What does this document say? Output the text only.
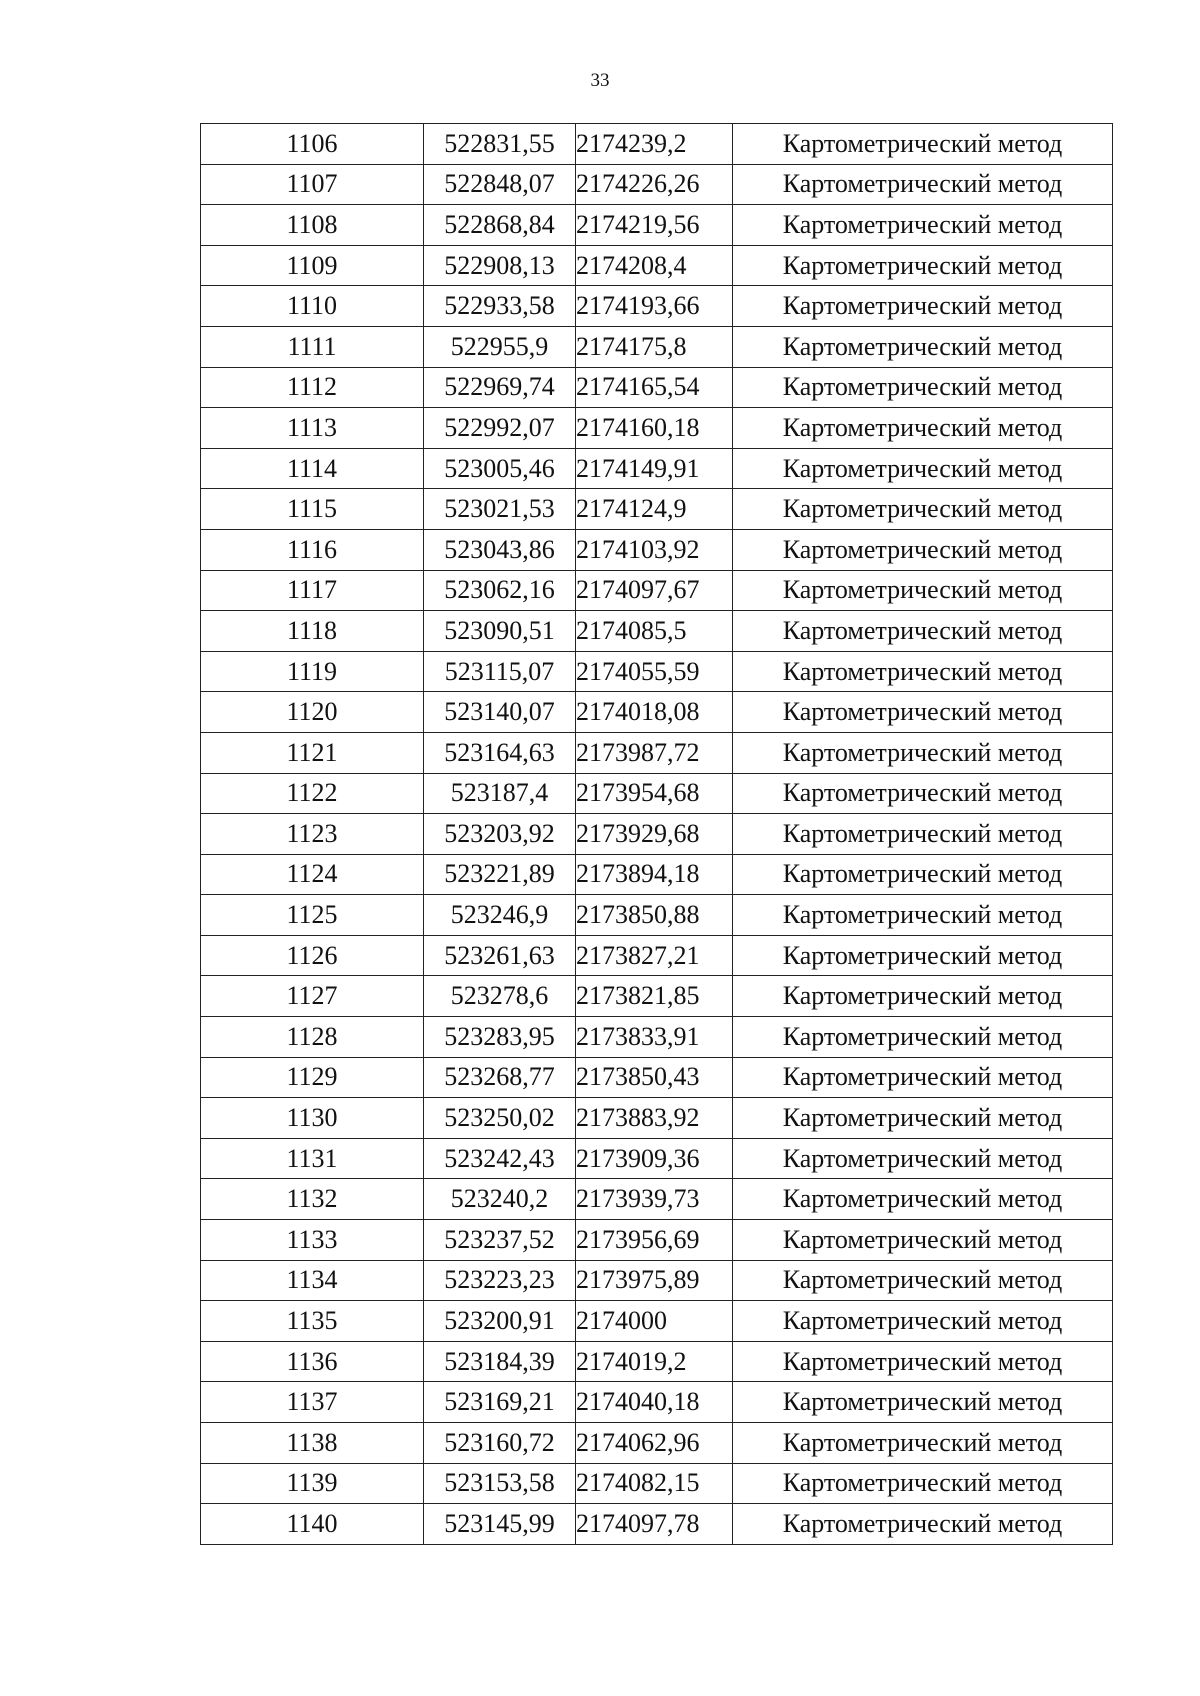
33
1106	522831,55	2174239,2	Картометрический метод
1107	522848,07	2174226,26	Картометрический метод
1108	522868,84	2174219,56	Картометрический метод
1109	522908,13	2174208,4	Картометрический метод
1110	522933,58	2174193,66	Картометрический метод
1111	522955,9	2174175,8	Картометрический метод
1112	522969,74	2174165,54	Картометрический метод
1113	522992,07	2174160,18	Картометрический метод
1114	523005,46	2174149,91	Картометрический метод
1115	523021,53	2174124,9	Картометрический метод
1116	523043,86	2174103,92	Картометрический метод
1117	523062,16	2174097,67	Картометрический метод
1118	523090,51	2174085,5	Картометрический метод
1119	523115,07	2174055,59	Картометрический метод
1120	523140,07	2174018,08	Картометрический метод
1121	523164,63	2173987,72	Картометрический метод
1122	523187,4	2173954,68	Картометрический метод
1123	523203,92	2173929,68	Картометрический метод
1124	523221,89	2173894,18	Картометрический метод
1125	523246,9	2173850,88	Картометрический метод
1126	523261,63	2173827,21	Картометрический метод
1127	523278,6	2173821,85	Картометрический метод
1128	523283,95	2173833,91	Картометрический метод
1129	523268,77	2173850,43	Картометрический метод
1130	523250,02	2173883,92	Картометрический метод
1131	523242,43	2173909,36	Картометрический метод
1132	523240,2	2173939,73	Картометрический метод
1133	523237,52	2173956,69	Картометрический метод
1134	523223,23	2173975,89	Картометрический метод
1135	523200,91	2174000	Картометрический метод
1136	523184,39	2174019,2	Картометрический метод
1137	523169,21	2174040,18	Картометрический метод
1138	523160,72	2174062,96	Картометрический метод
1139	523153,58	2174082,15	Картометрический метод
1140	523145,99	2174097,78	Картометрический метод
